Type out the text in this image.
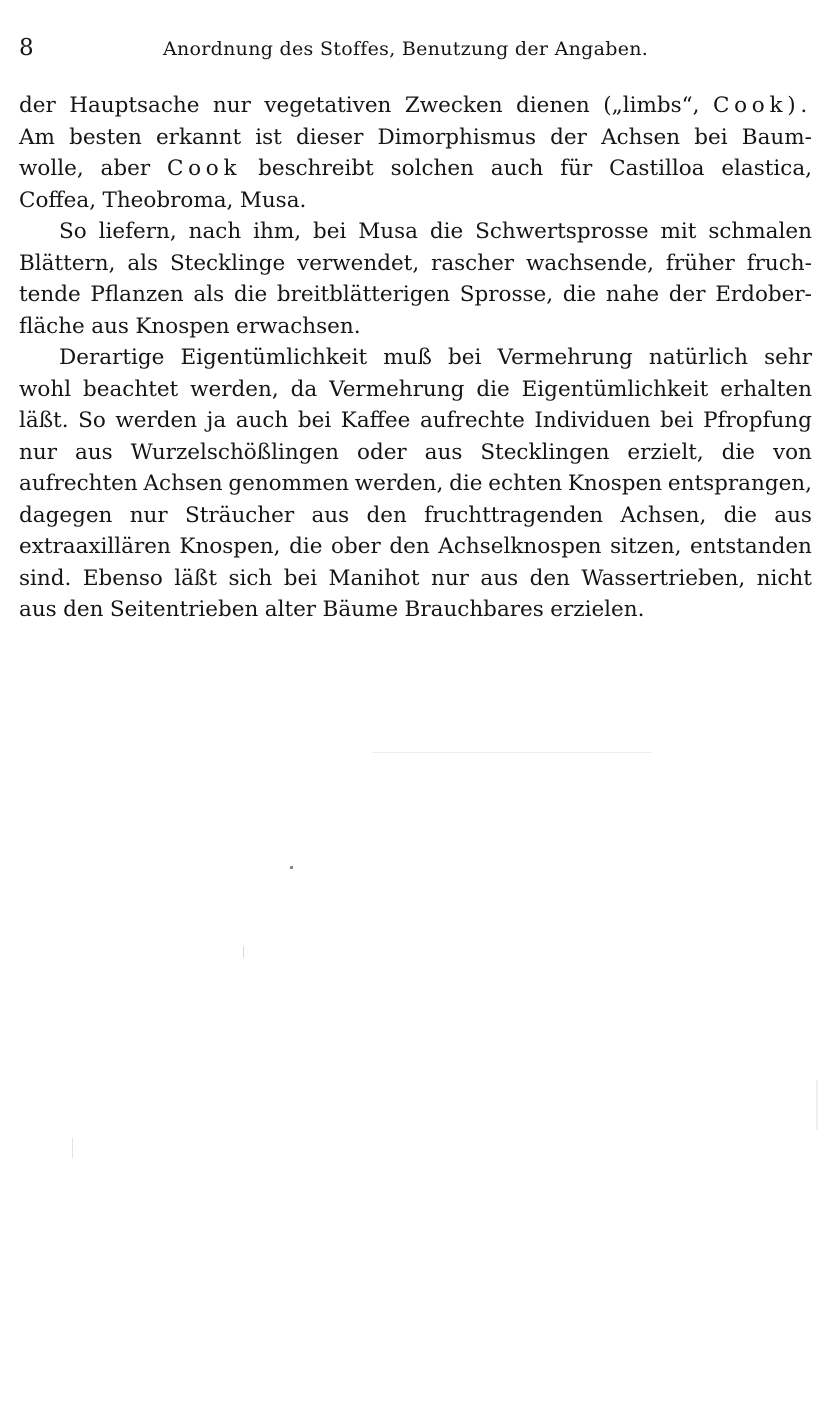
8	Anordnung des Stoffes, Benutzung der Angaben.
der Hauptsache nur vegetativen Zwecken dienen („limbs“, Cook).
Am besten erkannt ist dieser Dimorphismus der Achsen bei Baum-
wolle, aber Cook beschreibt solchen auch für Castilloa elastica,
Coffea, Theobroma, Musa.
So liefern, nach ihm, bei Musa die Schwertsprosse mit schmalen
Blättern, als Stecklinge verwendet, rascher wachsende, früher fruch-
tende Pflanzen als die breitblätterigen Sprosse, die nahe der Erdober-
fläche aus Knospen erwachsen.
Derartige Eigentümlichkeit muß bei Vermehrung natürlich sehr
wohl beachtet werden, da Vermehrung die Eigentümlichkeit erhalten
läßt. So werden ja auch bei Kaffee aufrechte Individuen bei Pfropfung
nur aus Wurzelschößlingen oder aus Stecklingen erzielt, die von
aufrechten Achsen genommen werden, die echten Knospen entsprangen,
dagegen nur Sträucher aus den fruchttragenden Achsen, die aus
extraaxillären Knospen, die ober den Achselknospen sitzen, entstanden
sind. Ebenso läßt sich bei Manihot nur aus den Wassertrieben, nicht
aus den Seitentrieben alter Bäume Brauchbares erzielen.
